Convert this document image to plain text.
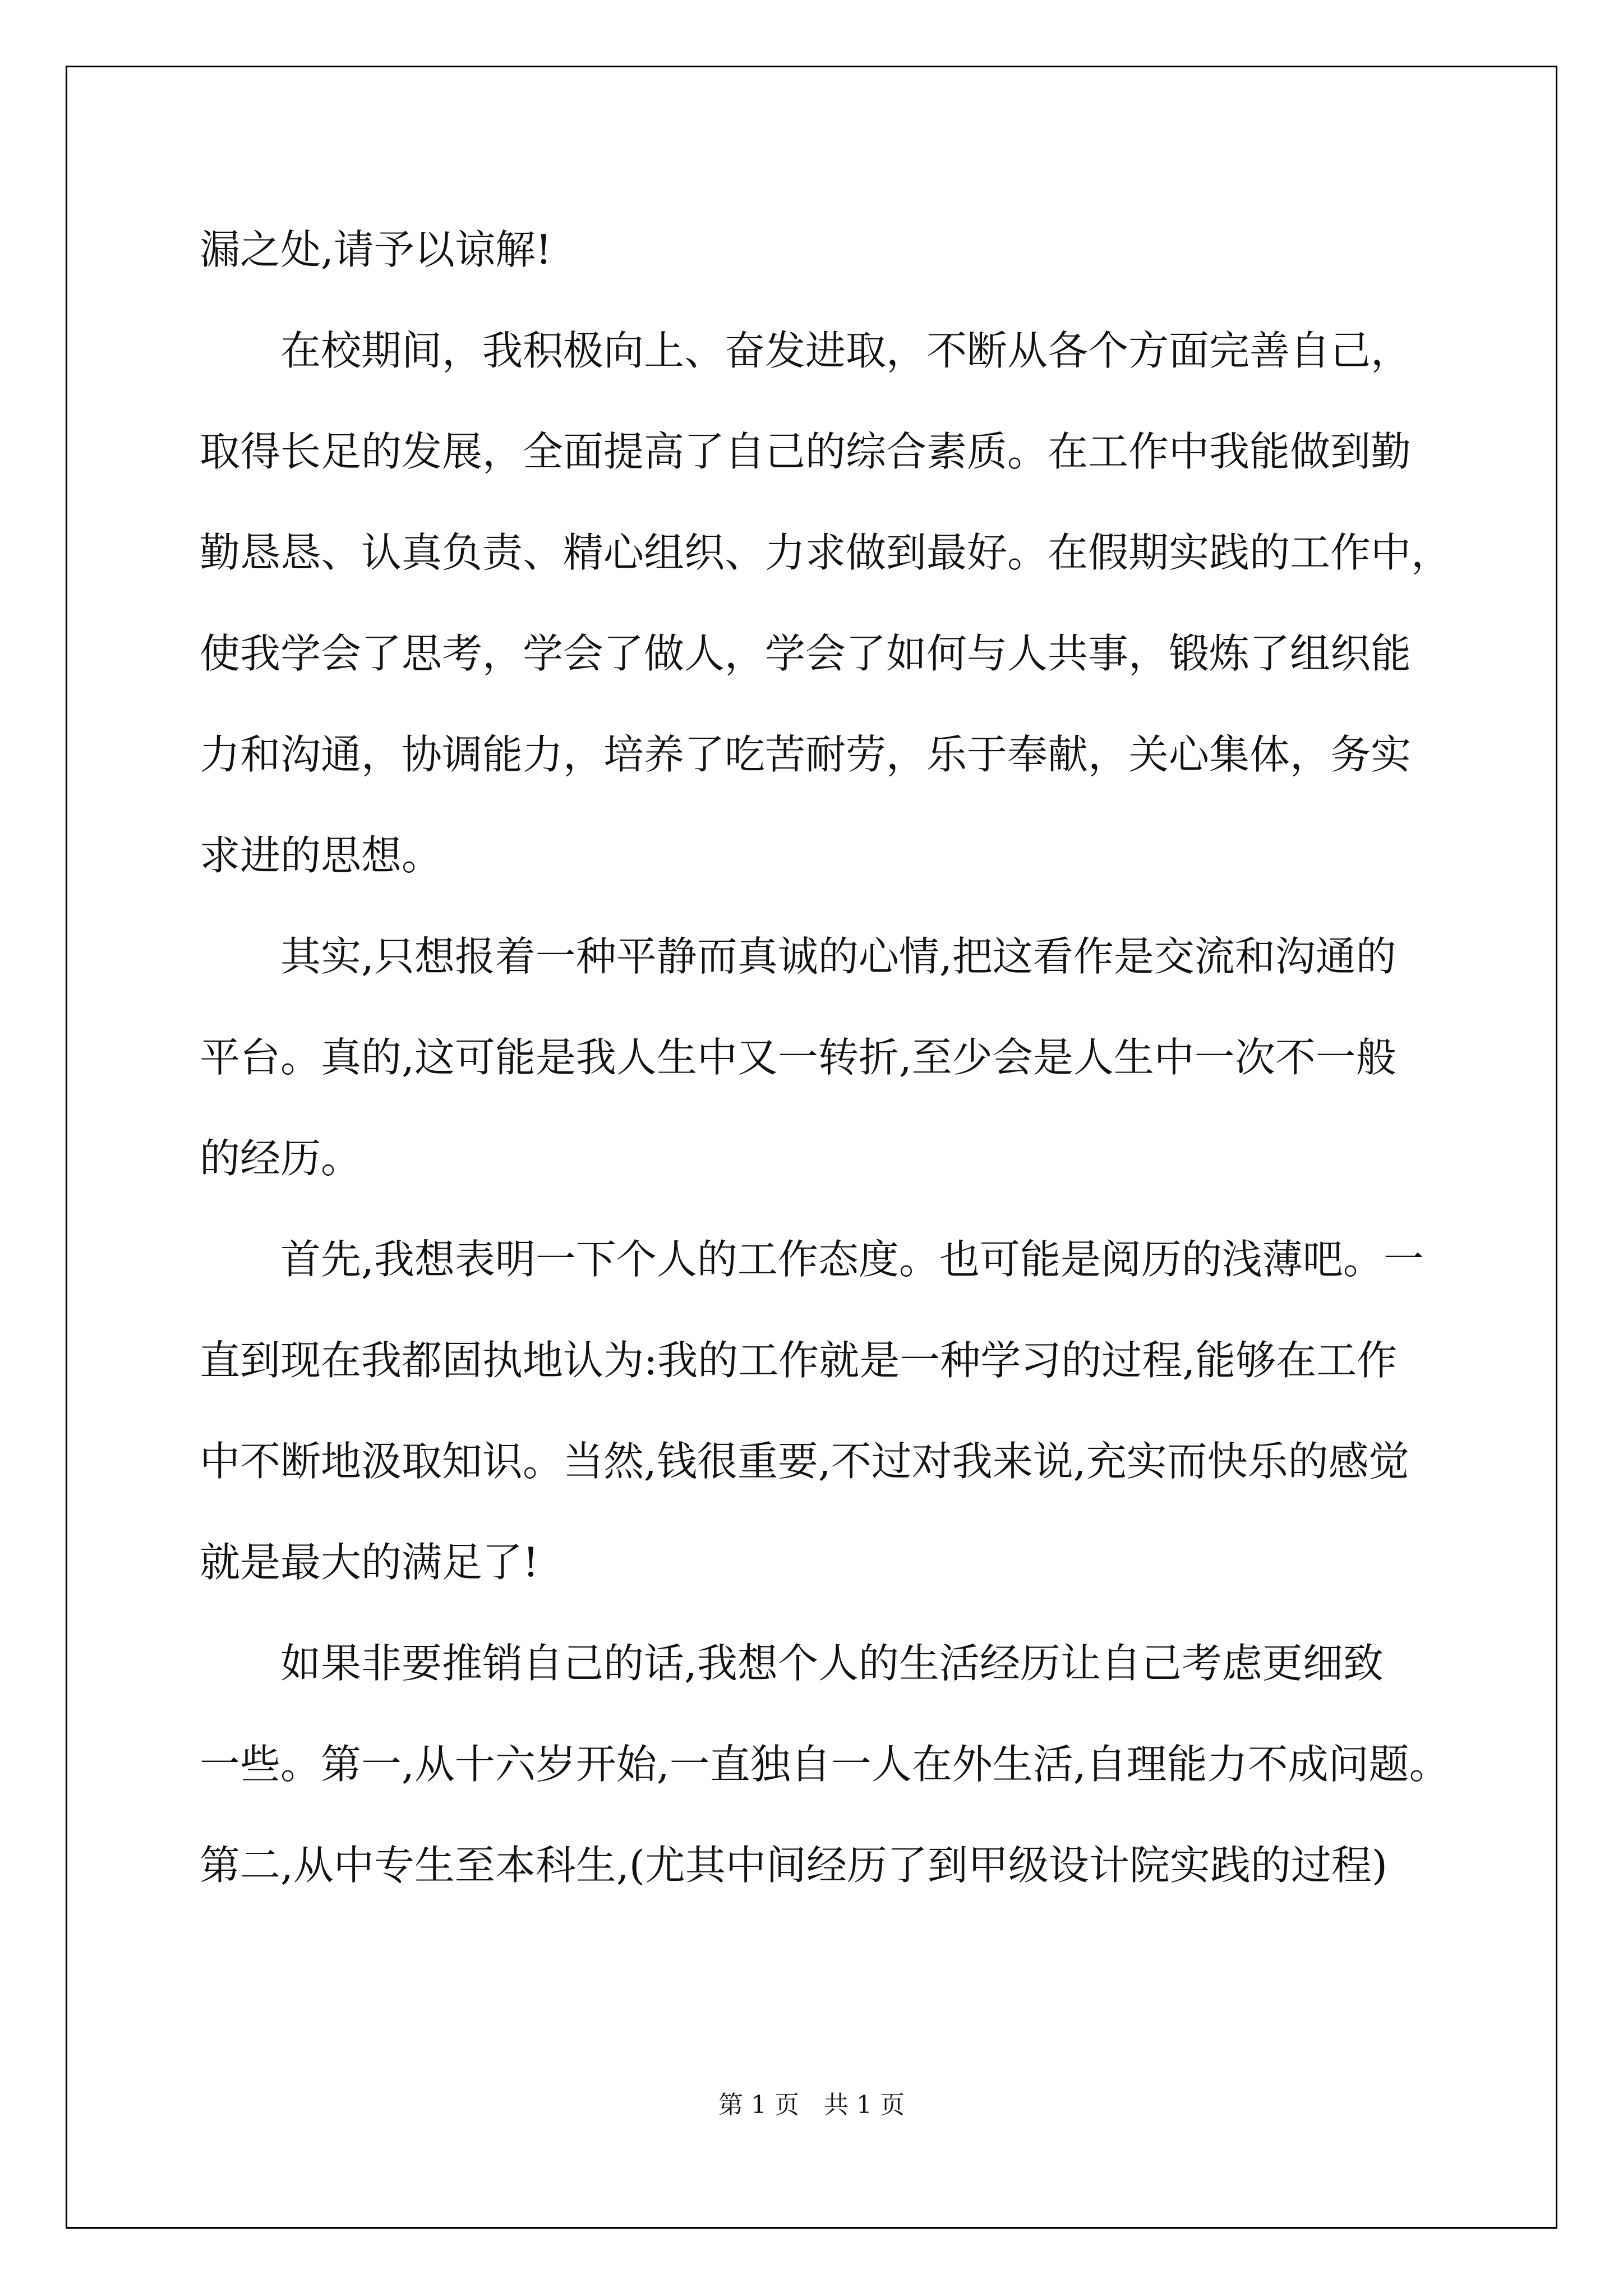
漏之处,请予以谅解!

在校期间，我积极向上、奋发进取，不断从各个方面完善自己，

取得长足的发展，全面提高了自己的综合素质。在工作中我能做到勤

勤恳恳、认真负责、精心组织、力求做到最好。在假期实践的工作中，

使我学会了思考，学会了做人，学会了如何与人共事，锻炼了组织能

力和沟通，协调能力，培养了吃苦耐劳，乐于奉献，关心集体，务实

求进的思想。

其实,只想报着一种平静而真诚的心情,把这看作是交流和沟通的

平台。真的,这可能是我人生中又一转折,至少会是人生中一次不一般

的经历。

首先,我想表明一下个人的工作态度。也可能是阅历的浅薄吧。一

直到现在我都固执地认为:我的工作就是一种学习的过程,能够在工作

中不断地汲取知识。当然,钱很重要,不过对我来说,充实而快乐的感觉

就是最大的满足了!

如果非要推销自己的话,我想个人的生活经历让自己考虑更细致

一些。第一,从十六岁开始,一直独自一人在外生活,自理能力不成问题。

第二,从中专生至本科生,(尤其中间经历了到甲级设计院实践的过程)

第 1 页　共 1 页
